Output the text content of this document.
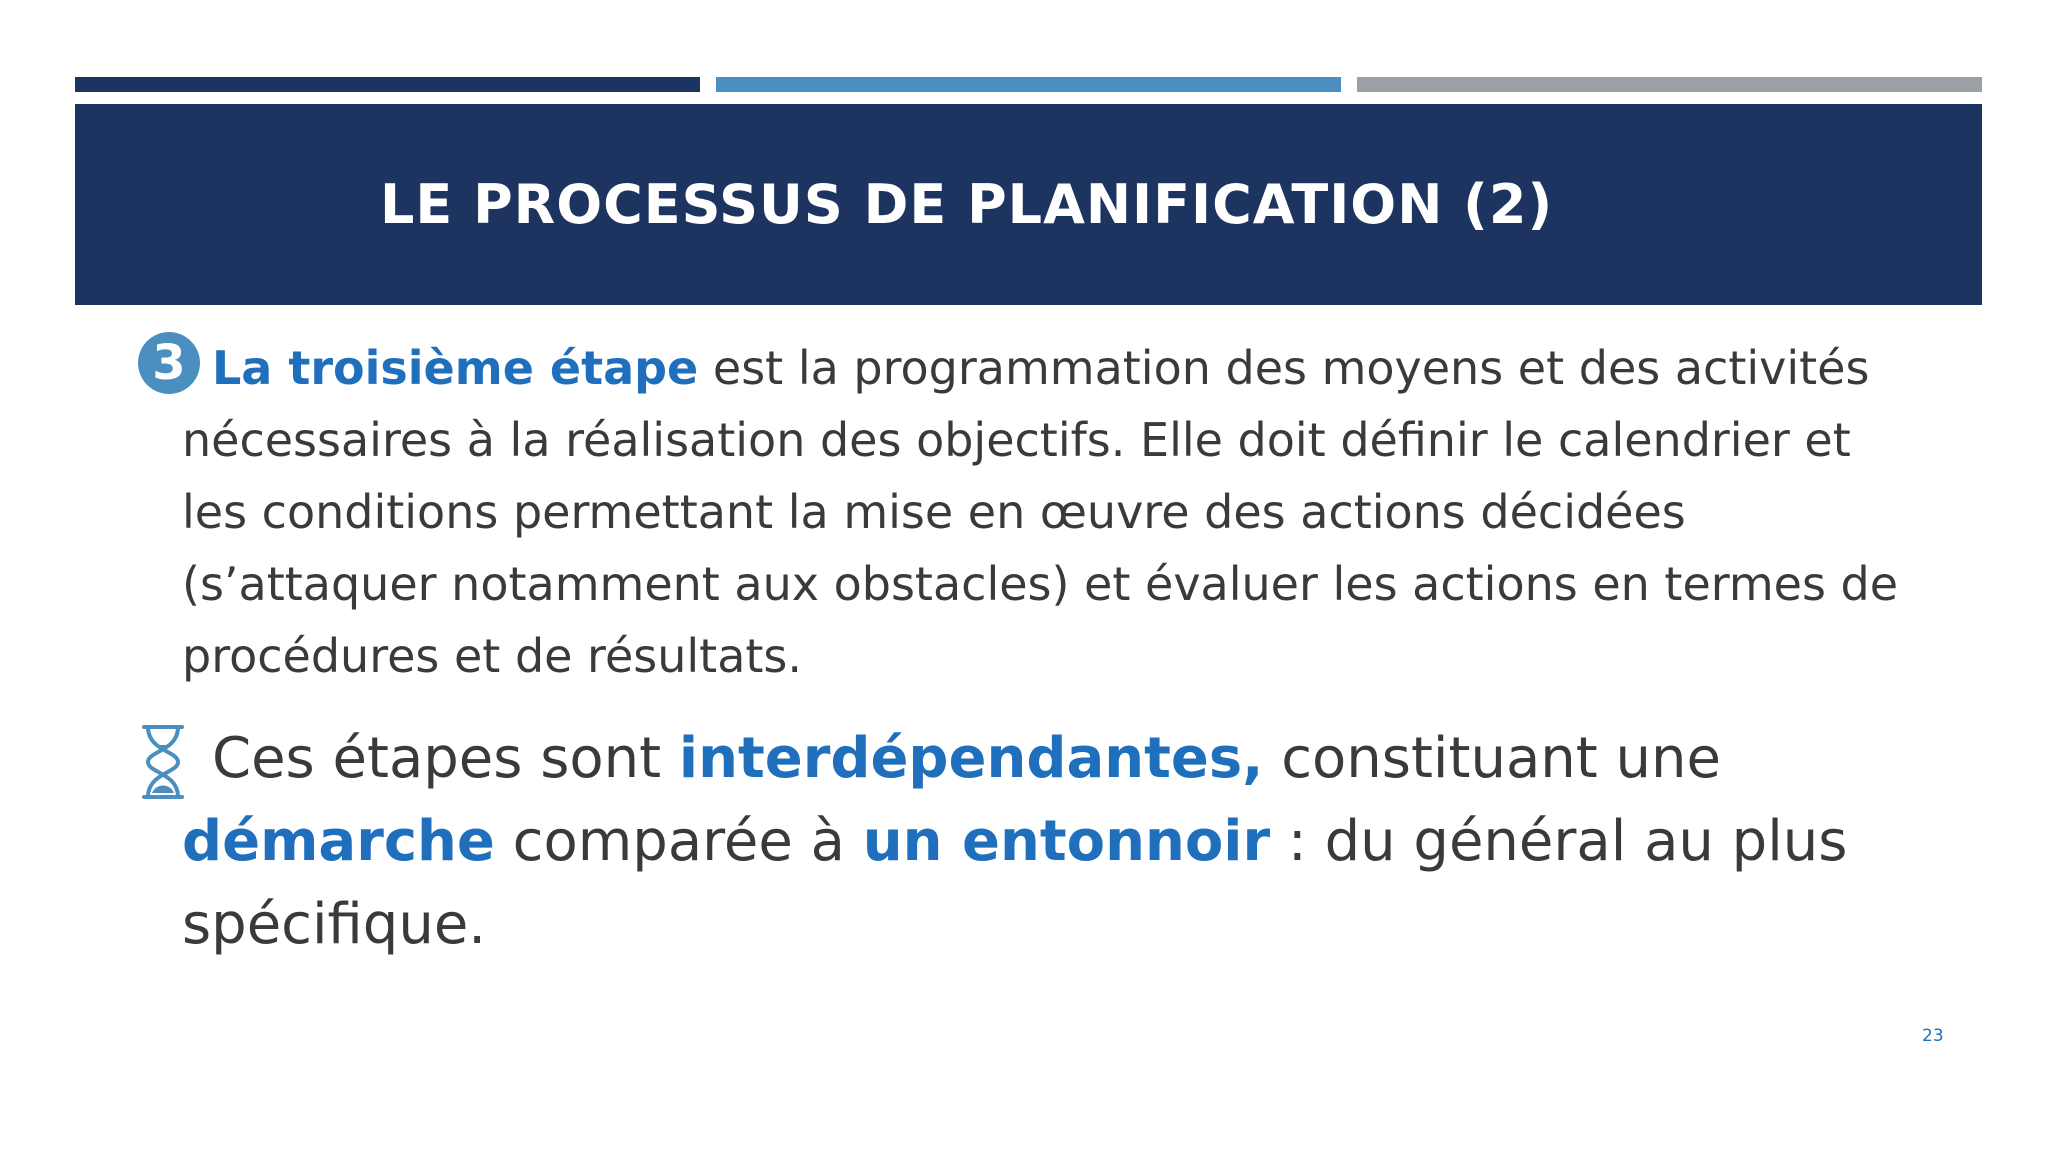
LE PROCESSUS DE PLANIFICATION (2)

3 La troisième étape est la programmation des moyens et des activités nécessaires à la réalisation des objectifs. Elle doit définir le calendrier et les conditions permettant la mise en œuvre des actions décidées (s’attaquer notamment aux obstacles) et évaluer les actions en termes de procédures et de résultats.

Ces étapes sont interdépendantes, constituant une démarche comparée à un entonnoir : du général au plus spécifique.

23
